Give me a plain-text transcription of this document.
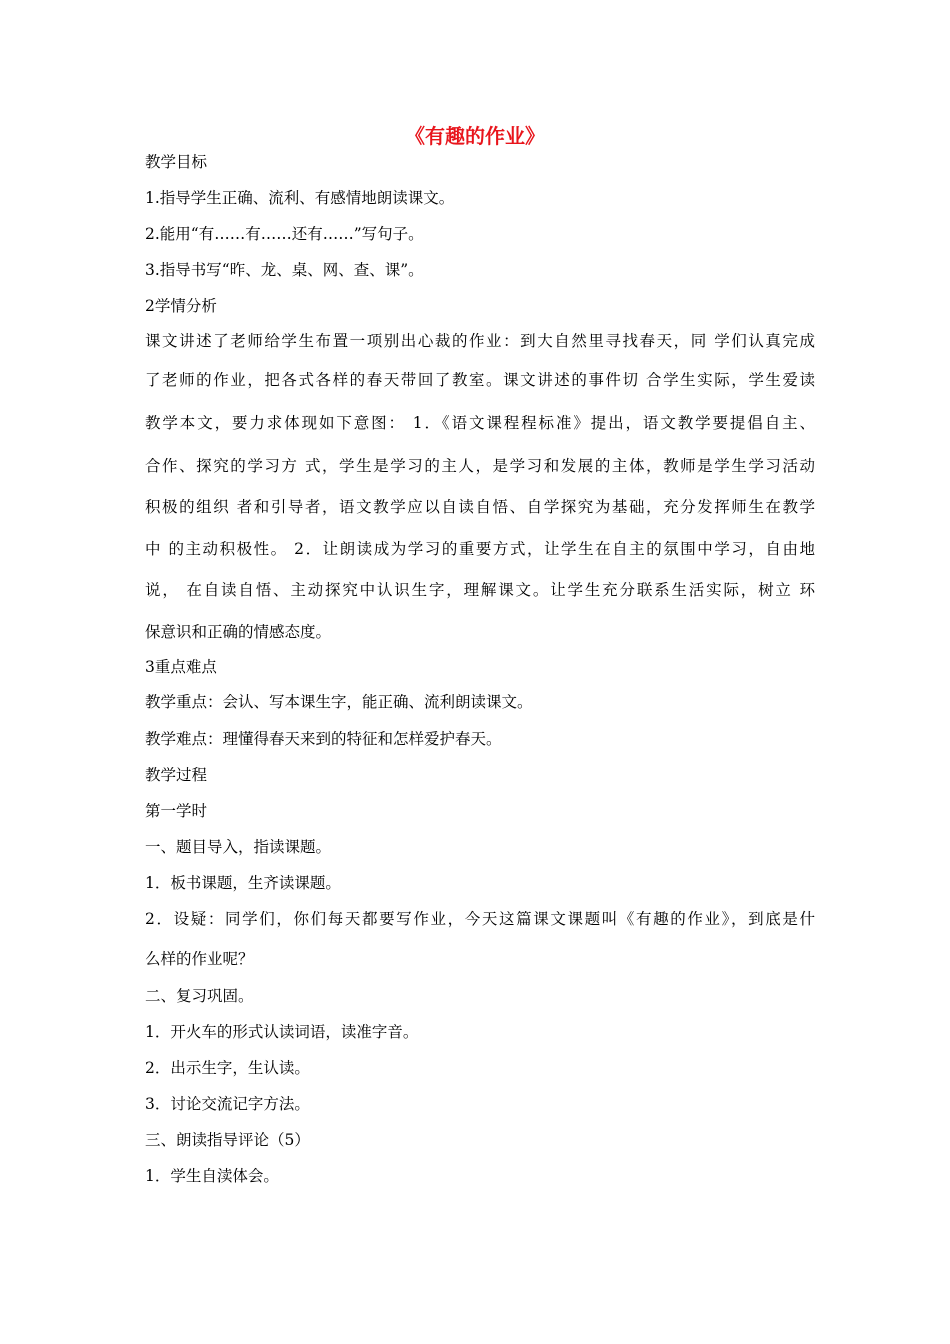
《有趣的作业》
教学目标
1.指导学生正确、流利、有感情地朗读课文。
2.能用“有……有……还有……”写句子。
3.指导书写“昨、龙、桌、网、查、课”。
2学情分析
课文讲述了老师给学生布置一项别出心裁的作业：到大自然里寻找春天，同 学们认真完成
了老师的作业，把各式各样的春天带回了教室。课文讲述的事件切 合学生实际，学生爱读
教学本文，要力求体现如下意图： 1．《语文课程程标准》提出，语文教学要提倡自主、
合作、探究的学习方 式，学生是学习的主人，是学习和发展的主体，教师是学生学习活动
积极的组织 者和引导者，语文教学应以自读自悟、自学探究为基础，充分发挥师生在教学
中 的主动积极性。 2．让朗读成为学习的重要方式，让学生在自主的氛围中学习，自由地
说， 在自读自悟、主动探究中认识生字，理解课文。让学生充分联系生活实际，树立 环
保意识和正确的情感态度。
3重点难点
教学重点：会认、写本课生字，能正确、流利朗读课文。
教学难点：理懂得春天来到的特征和怎样爱护春天。
教学过程
第一学时
一、题目导入，指读课题。
1．板书课题，生齐读课题。
2．设疑：同学们，你们每天都要写作业，今天这篇课文课题叫《有趣的作业》，到底是什
么样的作业呢？
二、复习巩固。
1．开火车的形式认读词语，读准字音。
2．出示生字，生认读。
3．讨论交流记字方法。
三、朗读指导评论（5）
1．学生自渎体会。
